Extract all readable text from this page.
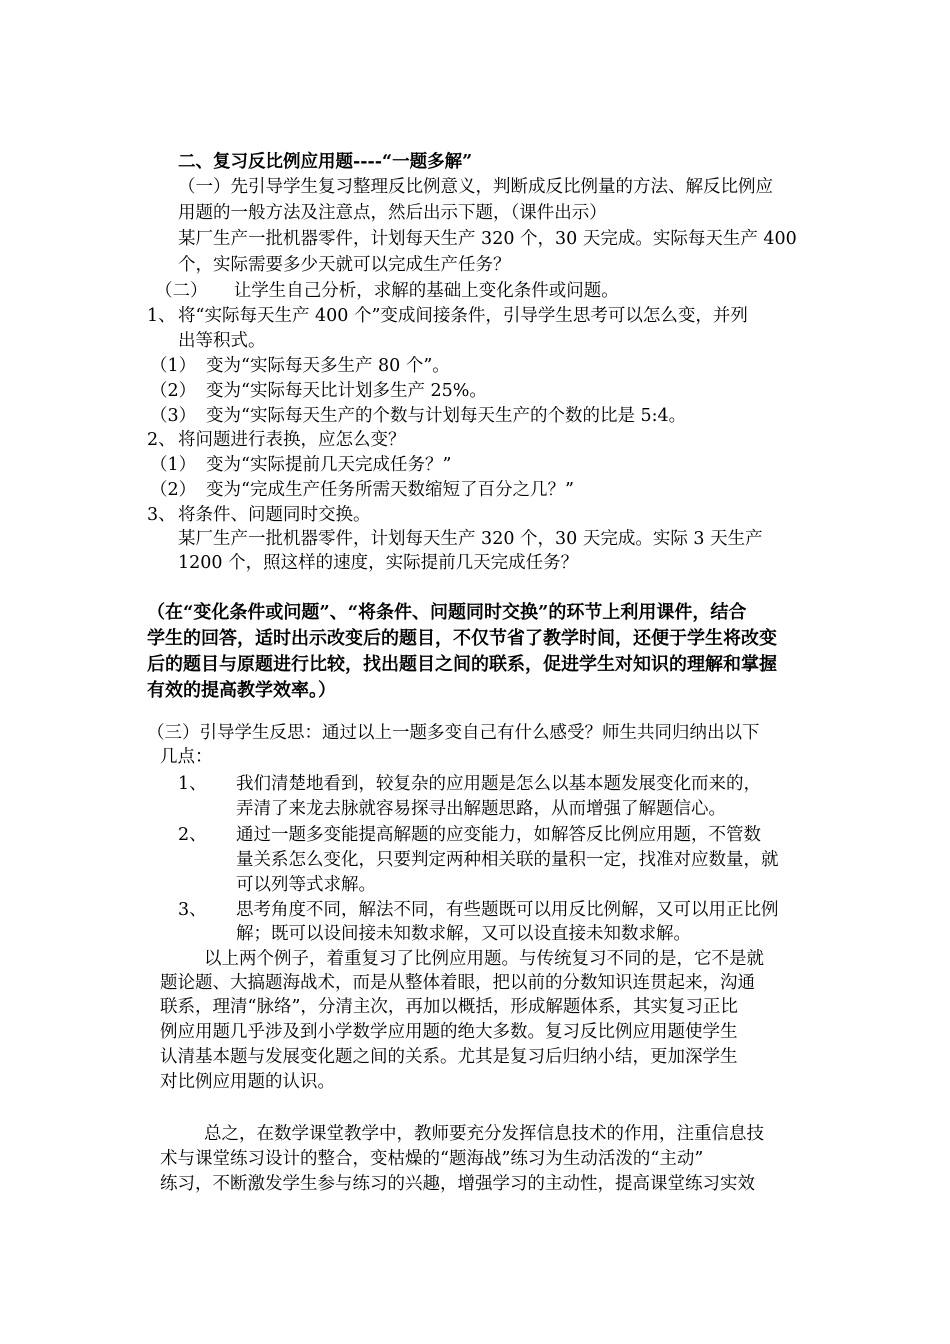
二、复习反比例应用题----“一题多解”
（一）先引导学生复习整理反比例意义，判断成反比例量的方法、解反比例应
用题的一般方法及注意点，然后出示下题，（课件出示）
某厂生产一批机器零件，计划每天生产 320 个，30 天完成。实际每天生产 400
个，实际需要多少天就可以完成生产任务？
（二）　　让学生自己分析，求解的基础上变化条件或问题。
1、 将“实际每天生产 400 个”变成间接条件，引导学生思考可以怎么变，并列
出等积式。
（1） 变为“实际每天多生产 80 个”。
（2） 变为“实际每天比计划多生产 25%。
（3） 变为“实际每天生产的个数与计划每天生产的个数的比是 5:4。
2、 将问题进行表换，应怎么变？
（1） 变为“实际提前几天完成任务？”
（2） 变为“完成生产任务所需天数缩短了百分之几？”
3、 将条件、问题同时交换。
某厂生产一批机器零件，计划每天生产 320 个，30 天完成。实际 3 天生产
1200 个，照这样的速度，实际提前几天完成任务？
（在“变化条件或问题”、“将条件、问题同时交换”的环节上利用课件，结合
学生的回答，适时出示改变后的题目，不仅节省了教学时间，还便于学生将改变
后的题目与原题进行比较，找出题目之间的联系，促进学生对知识的理解和掌握
有效的提高教学效率。）
（三）引导学生反思：通过以上一题多变自己有什么感受？师生共同归纳出以下
几点：
1、 我们清楚地看到，较复杂的应用题是怎么以基本题发展变化而来的，
弄清了来龙去脉就容易探寻出解题思路，从而增强了解题信心。
2、 通过一题多变能提高解题的应变能力，如解答反比例应用题，不管数
量关系怎么变化，只要判定两种相关联的量积一定，找准对应数量，就
可以列等式求解。
3、 思考角度不同，解法不同，有些题既可以用反比例解，又可以用正比例
解；既可以设间接未知数求解，又可以设直接未知数求解。
以上两个例子，着重复习了比例应用题。与传统复习不同的是，它不是就
题论题、大搞题海战术，而是从整体着眼，把以前的分数知识连贯起来，沟通
联系，理清“脉络”，分清主次，再加以概括，形成解题体系，其实复习正比
例应用题几乎涉及到小学数学应用题的绝大多数。复习反比例应用题使学生
认清基本题与发展变化题之间的关系。尤其是复习后归纳小结，更加深学生
对比例应用题的认识。
总之，在数学课堂教学中，教师要充分发挥信息技术的作用，注重信息技
术与课堂练习设计的整合，变枯燥的“题海战”练习为生动活泼的“主动”
练习，不断激发学生参与练习的兴趣，增强学习的主动性，提高课堂练习实效
